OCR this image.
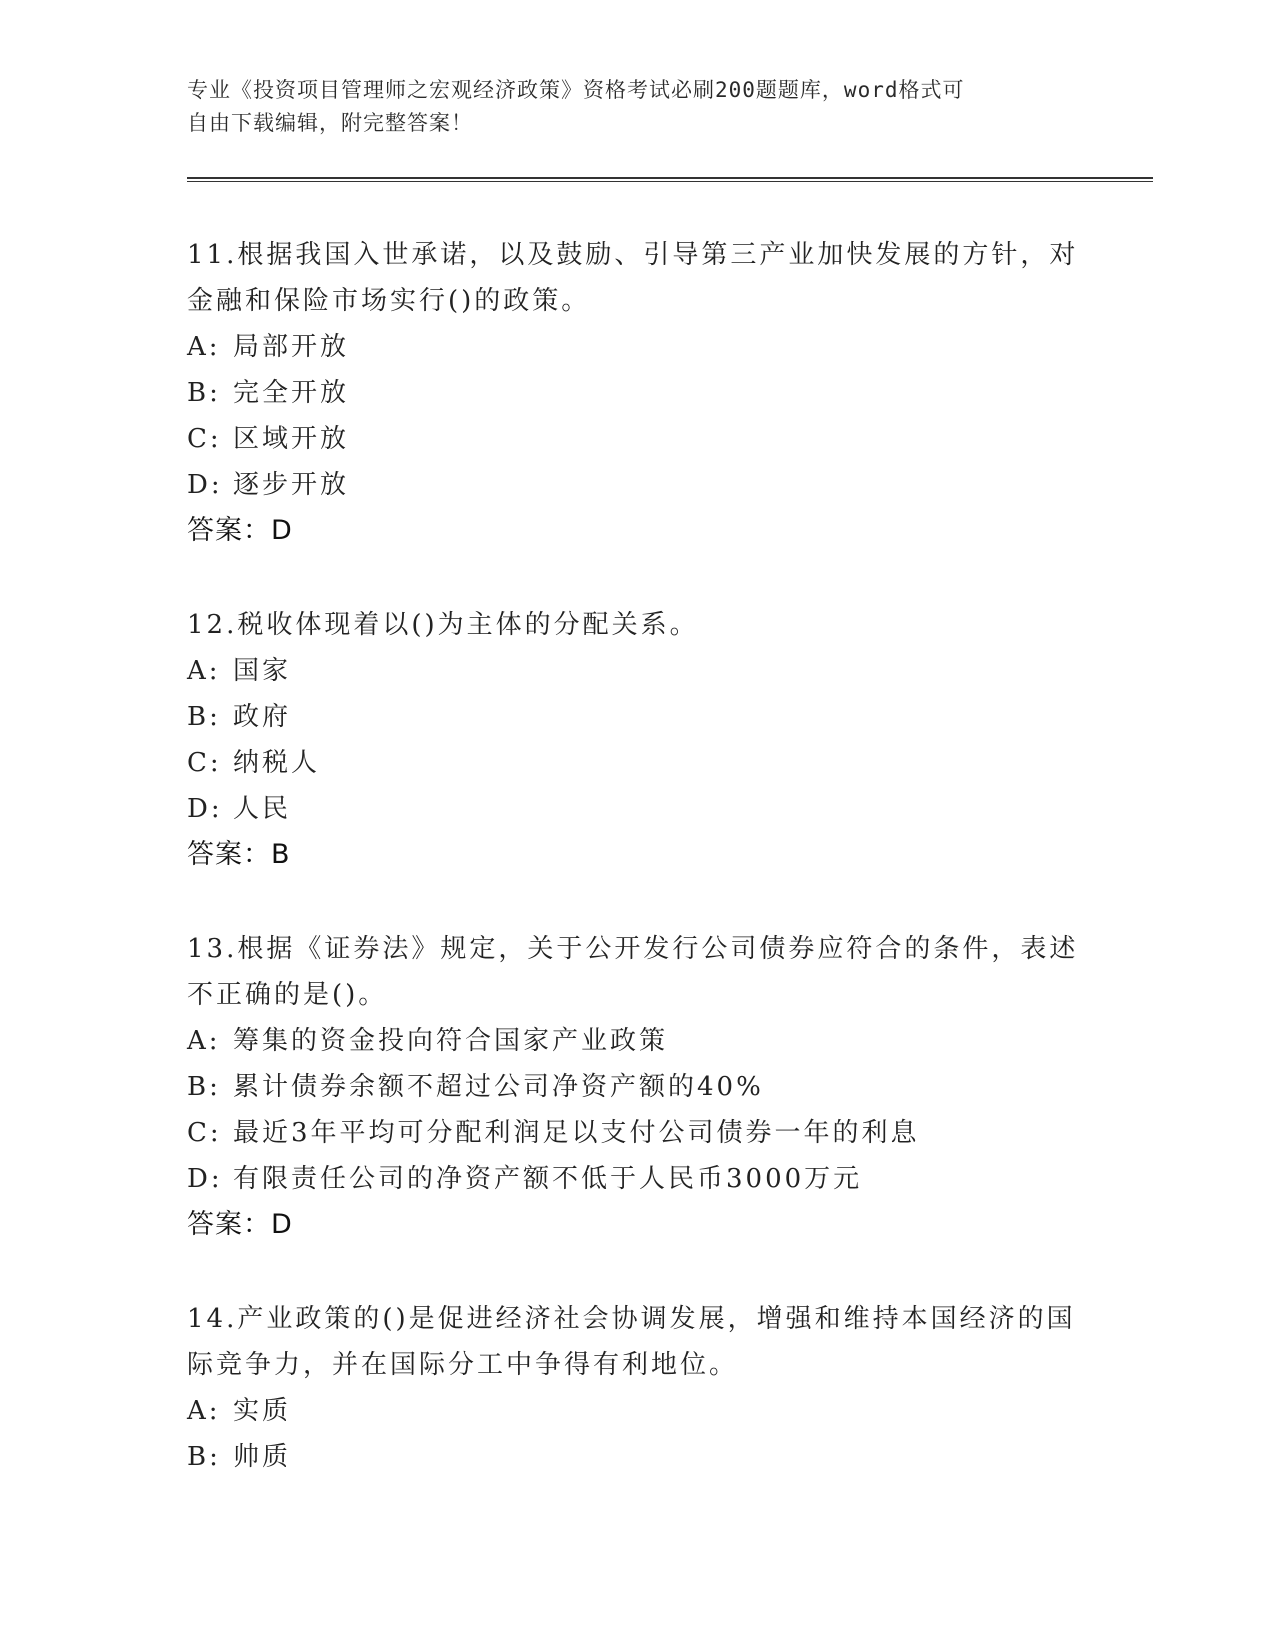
专业《投资项目管理师之宏观经济政策》资格考试必刷200题题库，word格式可
自由下载编辑，附完整答案！

11.根据我国入世承诺，以及鼓励、引导第三产业加快发展的方针，对金融和保险市场实行()的政策。

A: 局部开放

B: 完全开放

C: 区域开放

D: 逐步开放

答案：D

12.税收体现着以()为主体的分配关系。

A: 国家

B: 政府

C: 纳税人

D: 人民

答案：B

13.根据《证券法》规定，关于公开发行公司债券应符合的条件，表述不正确的是()。

A: 筹集的资金投向符合国家产业政策

B: 累计债券余额不超过公司净资产额的40%

C: 最近3年平均可分配利润足以支付公司债券一年的利息

D: 有限责任公司的净资产额不低于人民币3000万元

答案：D

14.产业政策的()是促进经济社会协调发展，增强和维持本国经济的国际竞争力，并在国际分工中争得有利地位。

A: 实质

B: 帅质
